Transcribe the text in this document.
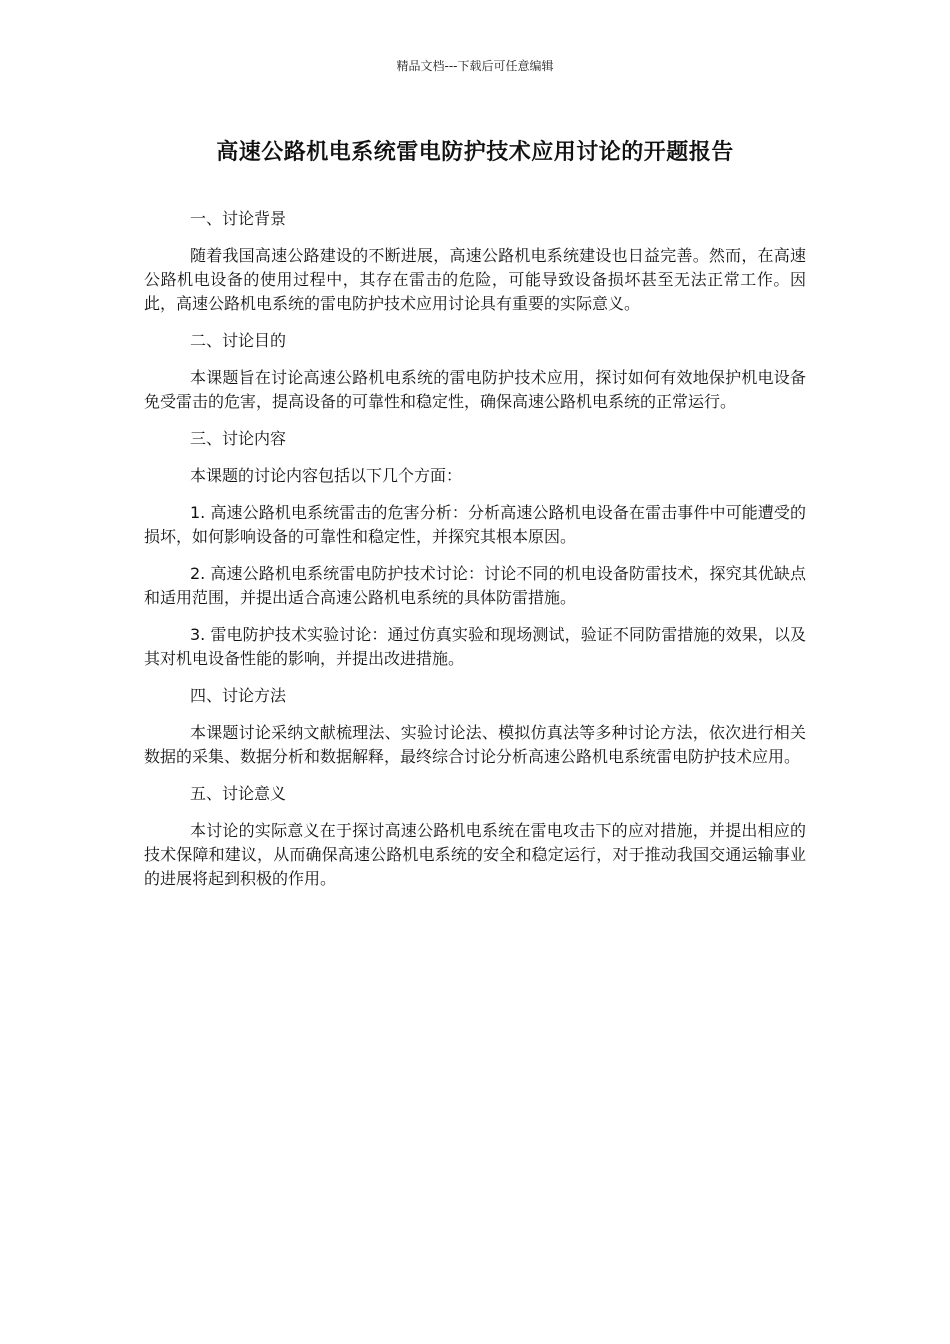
精品文档---下载后可任意编辑
高速公路机电系统雷电防护技术应用讨论的开题报告

一、讨论背景

随着我国高速公路建设的不断进展，高速公路机电系统建设也日益完善。然而，在高速公路机电设备的使用过程中，其存在雷击的危险，可能导致设备损坏甚至无法正常工作。因此，高速公路机电系统的雷电防护技术应用讨论具有重要的实际意义。

二、讨论目的

本课题旨在讨论高速公路机电系统的雷电防护技术应用，探讨如何有效地保护机电设备免受雷击的危害，提高设备的可靠性和稳定性，确保高速公路机电系统的正常运行。

三、讨论内容

本课题的讨论内容包括以下几个方面：

1. 高速公路机电系统雷击的危害分析：分析高速公路机电设备在雷击事件中可能遭受的损坏，如何影响设备的可靠性和稳定性，并探究其根本原因。

2. 高速公路机电系统雷电防护技术讨论：讨论不同的机电设备防雷技术，探究其优缺点和适用范围，并提出适合高速公路机电系统的具体防雷措施。

3. 雷电防护技术实验讨论：通过仿真实验和现场测试，验证不同防雷措施的效果，以及其对机电设备性能的影响，并提出改进措施。

四、讨论方法

本课题讨论采纳文献梳理法、实验讨论法、模拟仿真法等多种讨论方法，依次进行相关数据的采集、数据分析和数据解释，最终综合讨论分析高速公路机电系统雷电防护技术应用。

五、讨论意义

本讨论的实际意义在于探讨高速公路机电系统在雷电攻击下的应对措施，并提出相应的技术保障和建议，从而确保高速公路机电系统的安全和稳定运行，对于推动我国交通运输事业的进展将起到积极的作用。
